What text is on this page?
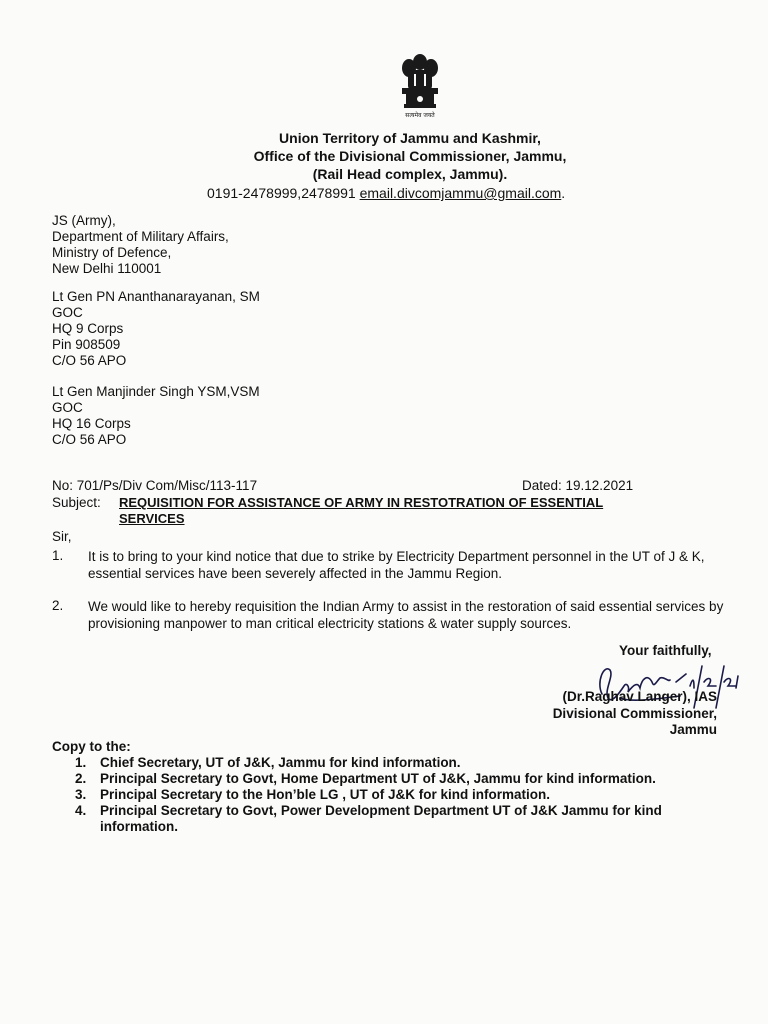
सत्यमेव जयते
Union Territory of Jammu and Kashmir,
Office of the Divisional Commissioner, Jammu,
(Rail Head complex, Jammu).
0191-2478999,2478991 email.divcomjammu@gmail.com.
JS (Army),
Department of Military Affairs,
Ministry of Defence,
New Delhi 110001
Lt Gen PN Ananthanarayanan, SM
GOC
HQ 9 Corps
Pin 908509
C/O 56 APO
Lt Gen Manjinder Singh YSM,VSM
GOC
HQ 16 Corps
C/O 56 APO
No: 701/Ps/Div Com/Misc/113-117	Dated: 19.12.2021
Subject: REQUISITION FOR ASSISTANCE OF ARMY IN RESTOTRATION OF ESSENTIAL
SERVICES
Sir,
1. It is to bring to your kind notice that due to strike by Electricity Department personnel in the UT of J & K, essential services have been severely affected in the Jammu Region.
2. We would like to hereby requisition the Indian Army to assist in the restoration of said essential services by provisioning manpower to man critical electricity stations & water supply sources.
Your faithfully,
(Dr.Raghav Langer), IAS
Divisional Commissioner,
Jammu
Copy to the:
1. Chief Secretary, UT of J&K, Jammu for kind information.
2. Principal Secretary to Govt, Home Department UT of J&K, Jammu for kind information.
3. Principal Secretary to the Hon’ble LG , UT of J&K for kind information.
4. Principal Secretary to Govt, Power Development Department UT of J&K Jammu for kind information.
